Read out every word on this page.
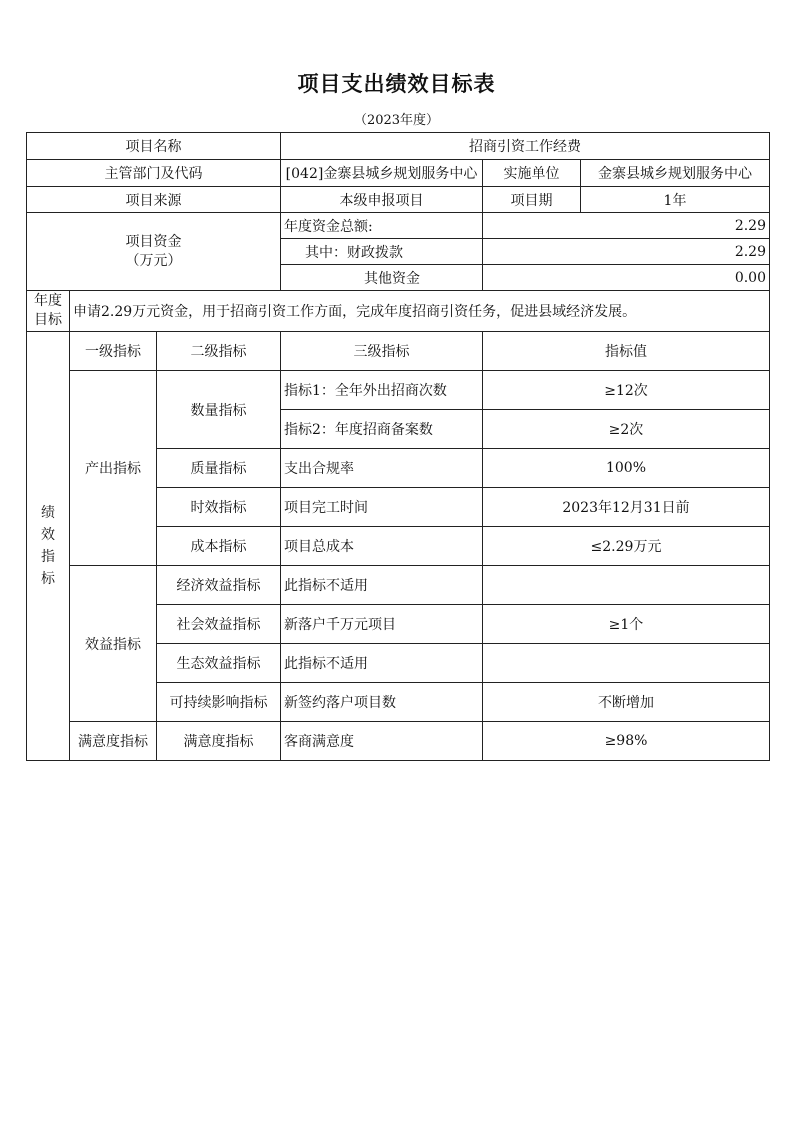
项目支出绩效目标表
（2023年度）
项目名称			招商引资工作经费		
主管部门及代码			[042]金寨县城乡规划服务中心	实施单位	金寨县城乡规划服务中心
项目来源			本级申报项目	项目期	1年
项目资金
（万元）			年度资金总额:	2.29	
			其中：财政拨款	2.29	
			其他资金	0.00	
年度
目标	申请2.29万元资金，用于招商引资工作方面，完成年度招商引资任务，促进县域经济发展。				
绩
效
指
标	一级指标	二级指标	三级指标	指标值	
	产出指标	数量指标	指标1：全年外出招商次数	≥12次	
			指标2：年度招商备案数	≥2次	
		质量指标	支出合规率	100%	
		时效指标	项目完工时间	2023年12月31日前	
		成本指标	项目总成本	≤2.29万元	
	效益指标	经济效益指标	此指标不适用		
		社会效益指标	新落户千万元项目	≥1个	
		生态效益指标	此指标不适用		
		可持续影响指标	新签约落户项目数	不断增加	
	满意度指标	满意度指标	客商满意度	≥98%	
